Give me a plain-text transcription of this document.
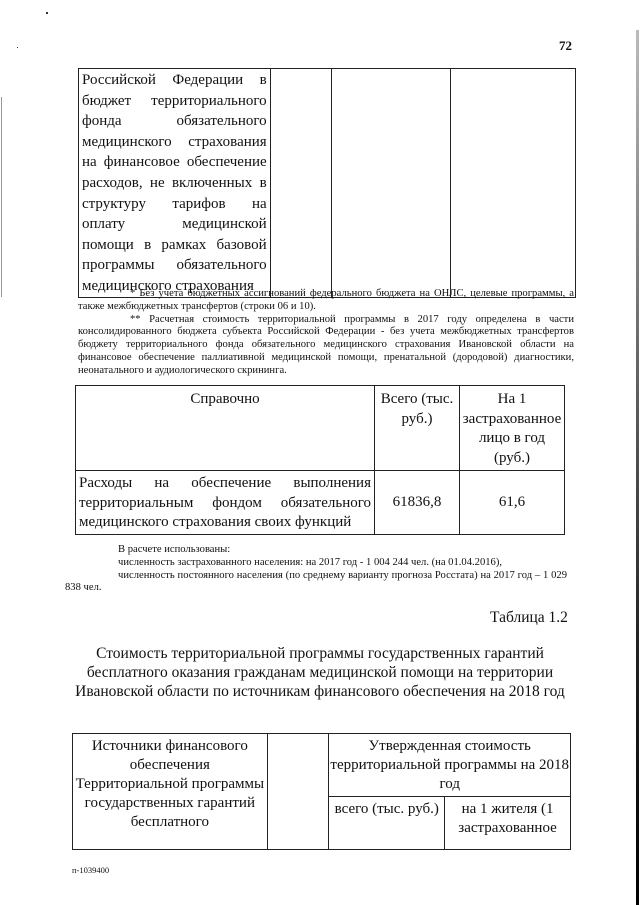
72
Российской Федерации в бюджет территориального фонда обязательного медицинского страхования на финансовое обеспечение расходов, не включенных в структуру тарифов на оплату медицинской помощи в рамках базовой программы обязательного медицинского страхования			

* Без учета бюджетных ассигнований федерального бюджета на ОНЛС, целевые программы, а также межбюджетных трансфертов (строки 06 и 10).

** Расчетная стоимость территориальной программы в 2017 году определена в части консолидированного бюджета субъекта Российской Федерации - без учета межбюджетных трансфертов бюджету территориального фонда обязательного медицинского страхования Ивановской области на финансовое обеспечение паллиативной медицинской помощи, пренатальной (дородовой) диагностики, неонатального и аудиологического скрининга.

Справочно	Всего (тыс. руб.)	На 1 застрахованное лицо в год (руб.)
Расходы на обеспечение выполнения территориальным фондом обязательного медицинского страхования своих функций	61836,8	61,6

В расчете использованы:

численность застрахованного населения: на 2017 год - 1 004 244 чел. (на 01.04.2016),

численность постоянного населения (по среднему варианту прогноза Росстата) на 2017 год – 1 029 838 чел.

Таблица 1.2
Стоимость территориальной программы государственных гарантий бесплатного оказания гражданам медицинской помощи на территории Ивановской области по источникам финансового обеспечения на 2018 год
Источники финансового обеспечения Территориальной программы государственных гарантий бесплатного		Утвержденная стоимость территориальной программы на 2018 год	
		всего (тыс. руб.)	на 1 жителя (1 застрахованное
п-1039400
